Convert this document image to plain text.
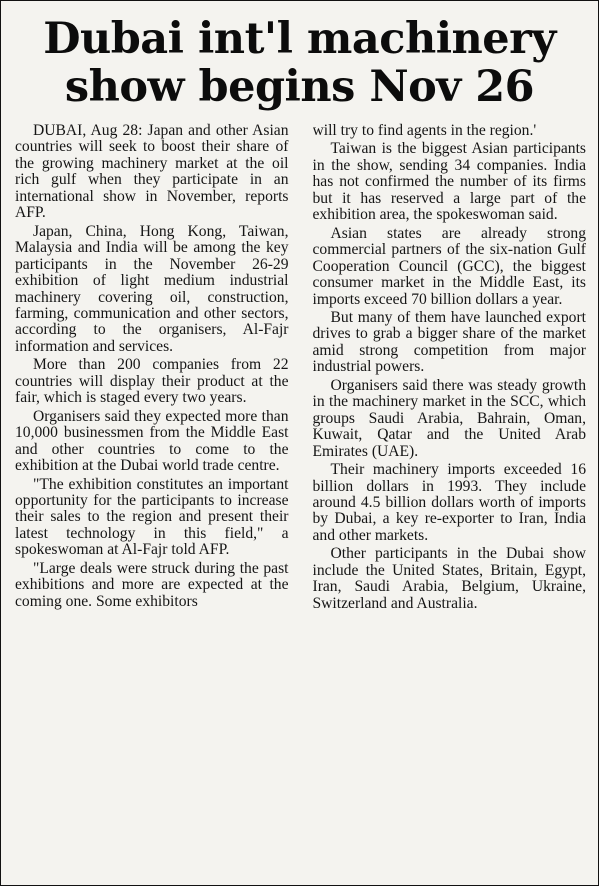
Dubai int'l machinery
show begins Nov 26

DUBAI, Aug 28: Japan and other Asian countries will seek to boost their share of the growing machinery market at the oil rich gulf when they participate in an international show in November, reports AFP.

Japan, China, Hong Kong, Taiwan, Malaysia and India will be among the key participants in the November 26-29 exhibition of light medium industrial machinery covering oil, construction, farming, communication and other sectors, according to the organisers, Al-Fajr information and services.

More than 200 companies from 22 countries will display their product at the fair, which is staged every two years.

Organisers said they expected more than 10,000 businessmen from the Middle East and other countries to come to the exhibition at the Dubai world trade centre.

"The exhibition constitutes an important opportunity for the participants to increase their sales to the region and present their latest technology in this field," a spokeswoman at Al-Fajr told AFP.

"Large deals were struck during the past exhibitions and more are expected at the coming one. Some exhibitors

will try to find agents in the region.'

Taiwan is the biggest Asian participants in the show, sending 34 companies. India has not confirmed the number of its firms but it has reserved a large part of the exhibition area, the spokeswoman said.

Asian states are already strong commercial partners of the six-nation Gulf Cooperation Council (GCC), the biggest consumer market in the Middle East, its imports exceed 70 billion dollars a year.

But many of them have launched export drives to grab a bigger share of the market amid strong competition from major industrial powers.

Organisers said there was steady growth in the machinery market in the SCC, which groups Saudi Arabia, Bahrain, Oman, Kuwait, Qatar and the United Arab Emirates (UAE).

Their machinery imports exceeded 16 billion dollars in 1993. They include around 4.5 billion dollars worth of imports by Dubai, a key re-exporter to Iran, India and other markets.

Other participants in the Dubai show include the United States, Britain, Egypt, Iran, Saudi Arabia, Belgium, Ukraine, Switzerland and Australia.
